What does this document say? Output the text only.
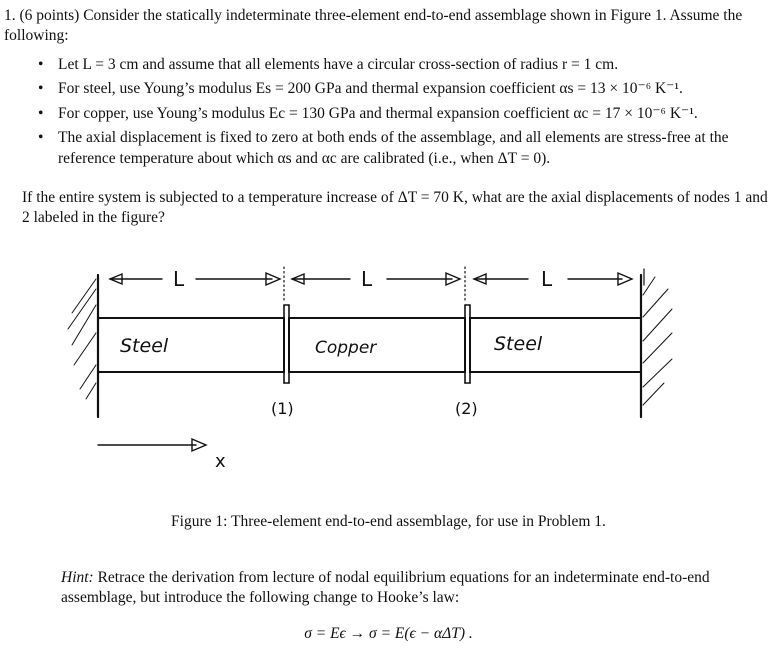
1. (6 points) Consider the statically indeterminate three-element end-to-end assemblage shown in Figure 1. Assume the following:
• Let L = 3 cm and assume that all elements have a circular cross-section of radius r = 1 cm.
• For steel, use Young’s modulus Es = 200 GPa and thermal expansion coefficient αs = 13 × 10⁻⁶ K⁻¹.
• For copper, use Young’s modulus Ec = 130 GPa and thermal expansion coefficient αc = 17 × 10⁻⁶ K⁻¹.
• The axial displacement is fixed to zero at both ends of the assemblage, and all elements are stress-free at the reference temperature about which αs and αc are calibrated (i.e., when ΔT = 0).
If the entire system is subjected to a temperature increase of ΔT = 70 K, what are the axial displacements of nodes 1 and 2 labeled in the figure?
L	L	L
Steel	Copper	Steel
(1)	(2)
x
Figure 1: Three-element end-to-end assemblage, for use in Problem 1.
Hint: Retrace the derivation from lecture of nodal equilibrium equations for an indeterminate end-to-end assemblage, but introduce the following change to Hooke’s law:
σ = Eϵ → σ = E(ϵ − αΔT) .
